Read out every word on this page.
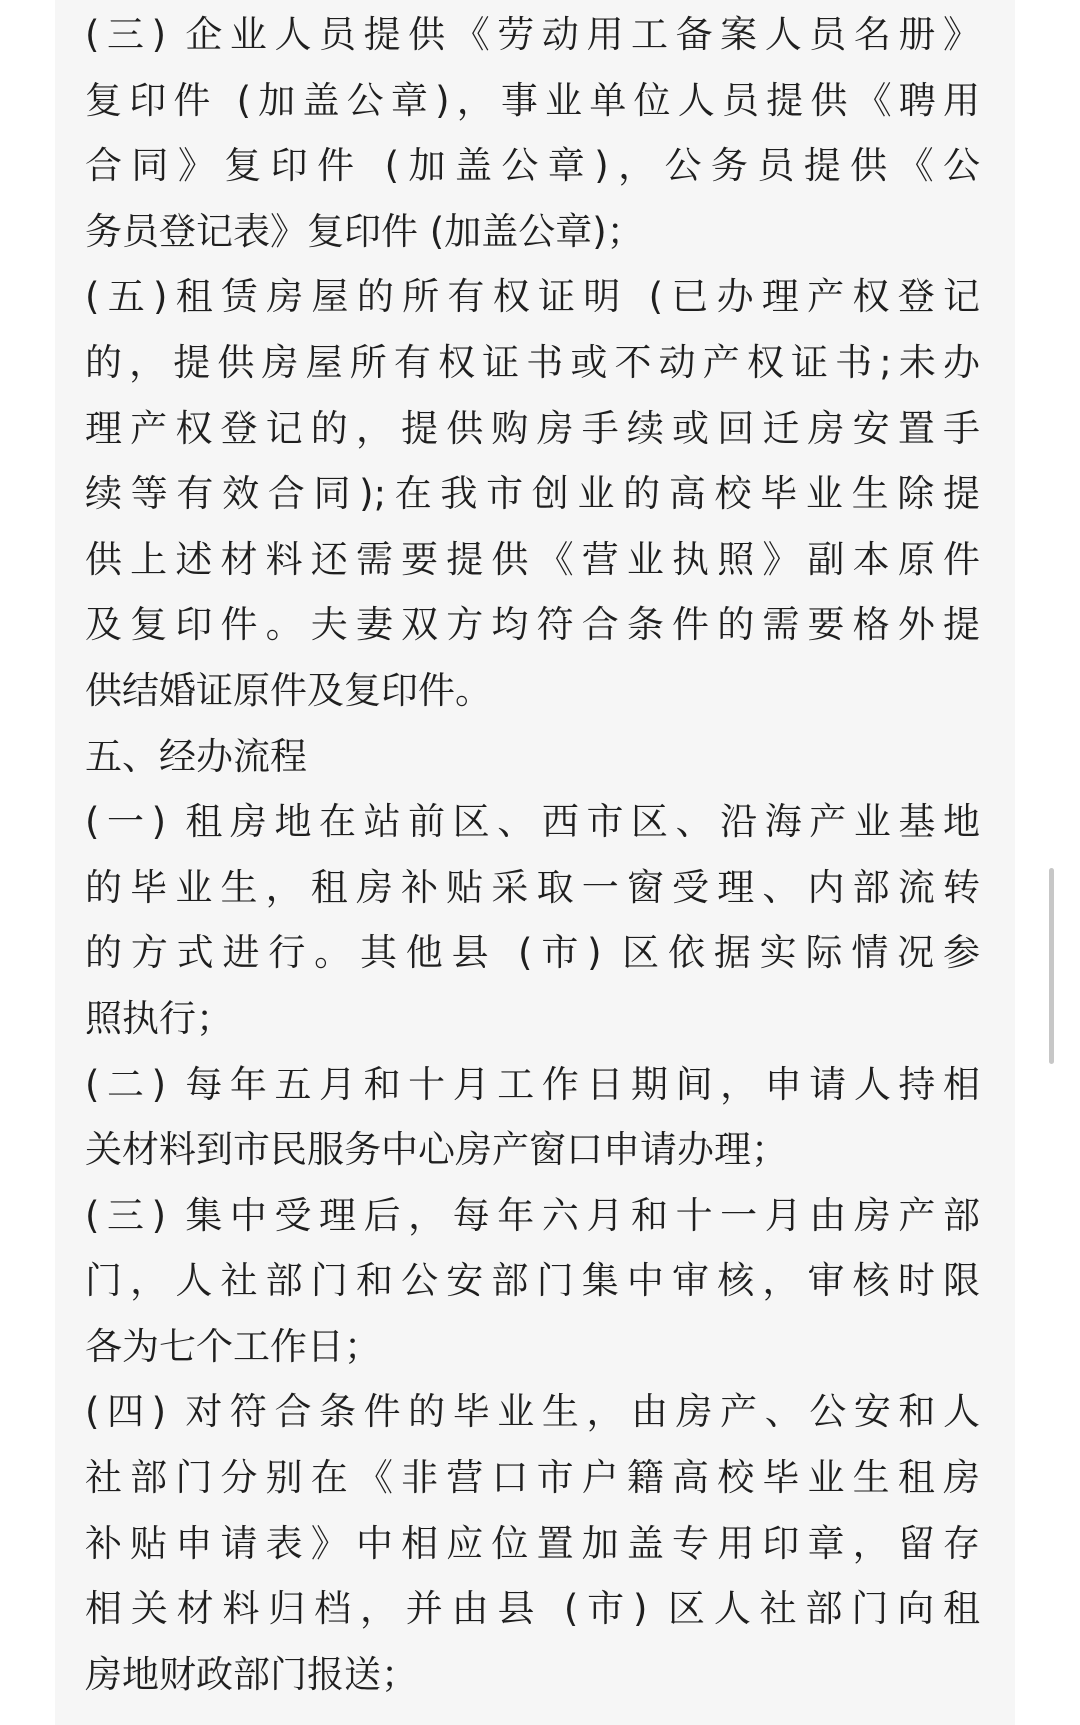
(三) 企业人员提供《劳动用工备案人员名册》
复印件 (加盖公章)，事业单位人员提供《聘用
合同》复印件 (加盖公章)，公务员提供《公
务员登记表》复印件 (加盖公章)；
(五)租赁房屋的所有权证明 (已办理产权登记
的，提供房屋所有权证书或不动产权证书;未办
理产权登记的，提供购房手续或回迁房安置手
续等有效合同);在我市创业的高校毕业生除提
供上述材料还需要提供《营业执照》副本原件
及复印件。夫妻双方均符合条件的需要格外提
供结婚证原件及复印件。
五、经办流程
(一) 租房地在站前区、西市区、沿海产业基地
的毕业生，租房补贴采取一窗受理、内部流转
的方式进行。其他县 (市) 区依据实际情况参
照执行；
(二) 每年五月和十月工作日期间，申请人持相
关材料到市民服务中心房产窗口申请办理；
(三) 集中受理后，每年六月和十一月由房产部
门，人社部门和公安部门集中审核，审核时限
各为七个工作日；
(四) 对符合条件的毕业生，由房产、公安和人
社部门分别在《非营口市户籍高校毕业生租房
补贴申请表》中相应位置加盖专用印章，留存
相关材料归档，并由县 (市) 区人社部门向租
房地财政部门报送；
